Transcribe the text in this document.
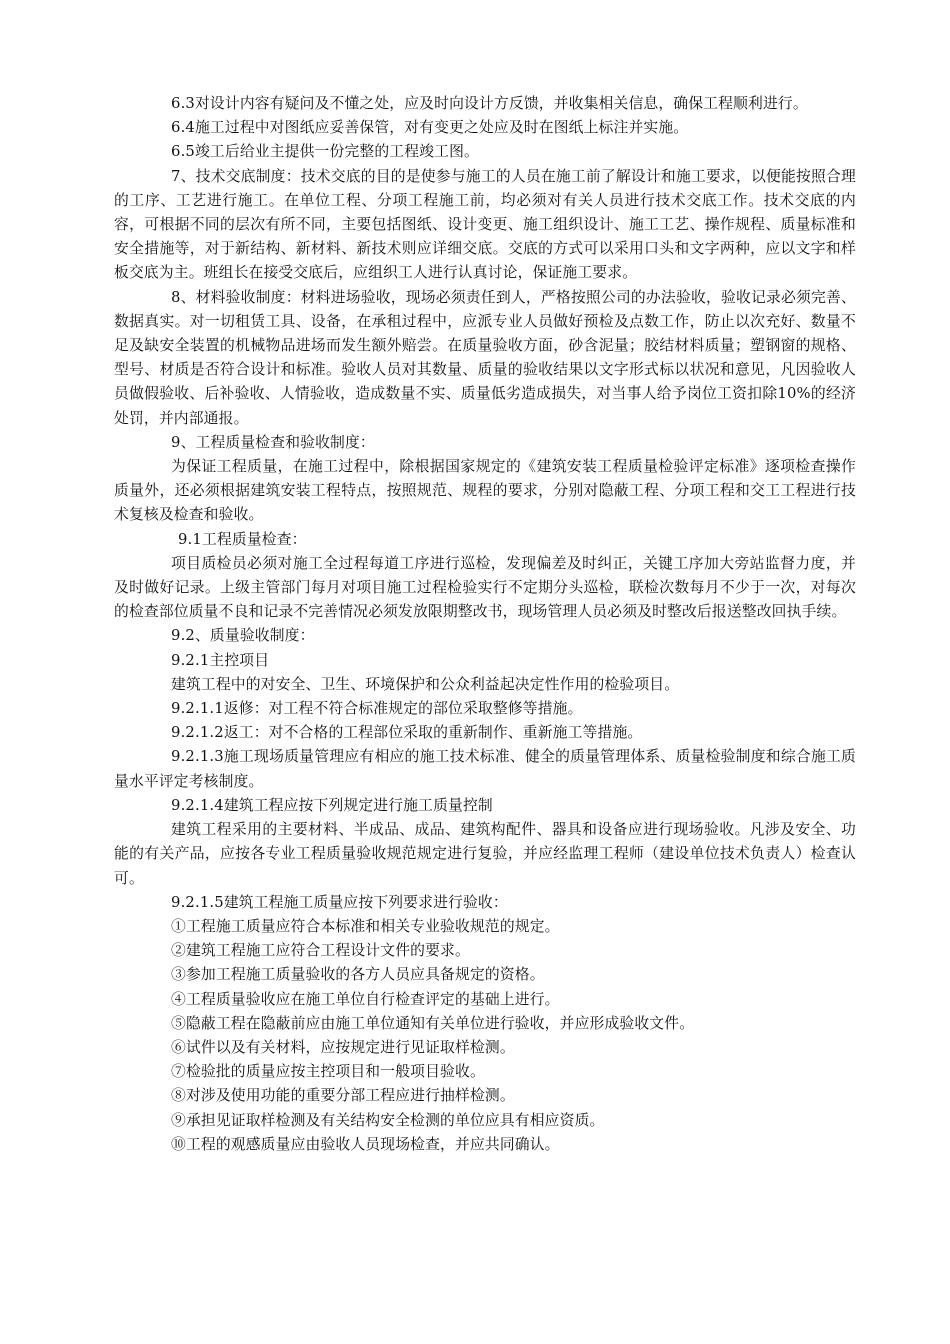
6.3对设计内容有疑问及不懂之处，应及时向设计方反馈，并收集相关信息，确保工程顺利进行。

6.4施工过程中对图纸应妥善保管，对有变更之处应及时在图纸上标注并实施。

6.5竣工后给业主提供一份完整的工程竣工图。

7、技术交底制度：技术交底的目的是使参与施工的人员在施工前了解设计和施工要求，以便能按照合理的工序、工艺进行施工。在单位工程、分项工程施工前，均必须对有关人员进行技术交底工作。技术交底的内容，可根据不同的层次有所不同，主要包括图纸、设计变更、施工组织设计、施工工艺、操作规程、质量标准和安全措施等，对于新结构、新材料、新技术则应详细交底。交底的方式可以采用口头和文字两种，应以文字和样板交底为主。班组长在接受交底后，应组织工人进行认真讨论，保证施工要求。

8、材料验收制度：材料进场验收，现场必须责任到人，严格按照公司的办法验收，验收记录必须完善、数据真实。对一切租赁工具、设备，在承租过程中，应派专业人员做好预检及点数工作，防止以次充好、数量不足及缺安全装置的机械物品进场而发生额外赔尝。在质量验收方面，砂含泥量；胶结材料质量；塑钢窗的规格、型号、材质是否符合设计和标准。验收人员对其数量、质量的验收结果以文字形式标以状况和意见，凡因验收人员做假验收、后补验收、人情验收，造成数量不实、质量低劣造成损失，对当事人给予岗位工资扣除10%的经济处罚，并内部通报。

9、工程质量检查和验收制度：

为保证工程质量，在施工过程中，除根据国家规定的《建筑安装工程质量检验评定标准》逐项检查操作质量外，还必须根据建筑安装工程特点，按照规范、规程的要求，分别对隐蔽工程、分项工程和交工工程进行技术复核及检查和验收。

9.1工程质量检查：

项目质检员必须对施工全过程每道工序进行巡检，发现偏差及时纠正，关键工序加大旁站监督力度，并及时做好记录。上级主管部门每月对项目施工过程检验实行不定期分头巡检，联检次数每月不少于一次，对每次的检查部位质量不良和记录不完善情况必须发放限期整改书，现场管理人员必须及时整改后报送整改回执手续。

9.2、质量验收制度：

9.2.1主控项目

建筑工程中的对安全、卫生、环境保护和公众利益起决定性作用的检验项目。

9.2.1.1返修：对工程不符合标准规定的部位采取整修等措施。

9.2.1.2返工：对不合格的工程部位采取的重新制作、重新施工等措施。

9.2.1.3施工现场质量管理应有相应的施工技术标准、健全的质量管理体系、质量检验制度和综合施工质量水平评定考核制度。

9.2.1.4建筑工程应按下列规定进行施工质量控制

建筑工程采用的主要材料、半成品、成品、建筑构配件、器具和设备应进行现场验收。凡涉及安全、功能的有关产品，应按各专业工程质量验收规范规定进行复验，并应经监理工程师（建设单位技术负责人）检查认可。

9.2.1.5建筑工程施工质量应按下列要求进行验收：

①工程施工质量应符合本标准和相关专业验收规范的规定。

②建筑工程施工应符合工程设计文件的要求。

③参加工程施工质量验收的各方人员应具备规定的资格。

④工程质量验收应在施工单位自行检查评定的基础上进行。

⑤隐蔽工程在隐蔽前应由施工单位通知有关单位进行验收，并应形成验收文件。

⑥试件以及有关材料，应按规定进行见证取样检测。

⑦检验批的质量应按主控项目和一般项目验收。

⑧对涉及使用功能的重要分部工程应进行抽样检测。

⑨承担见证取样检测及有关结构安全检测的单位应具有相应资质。

⑩工程的观感质量应由验收人员现场检查，并应共同确认。
